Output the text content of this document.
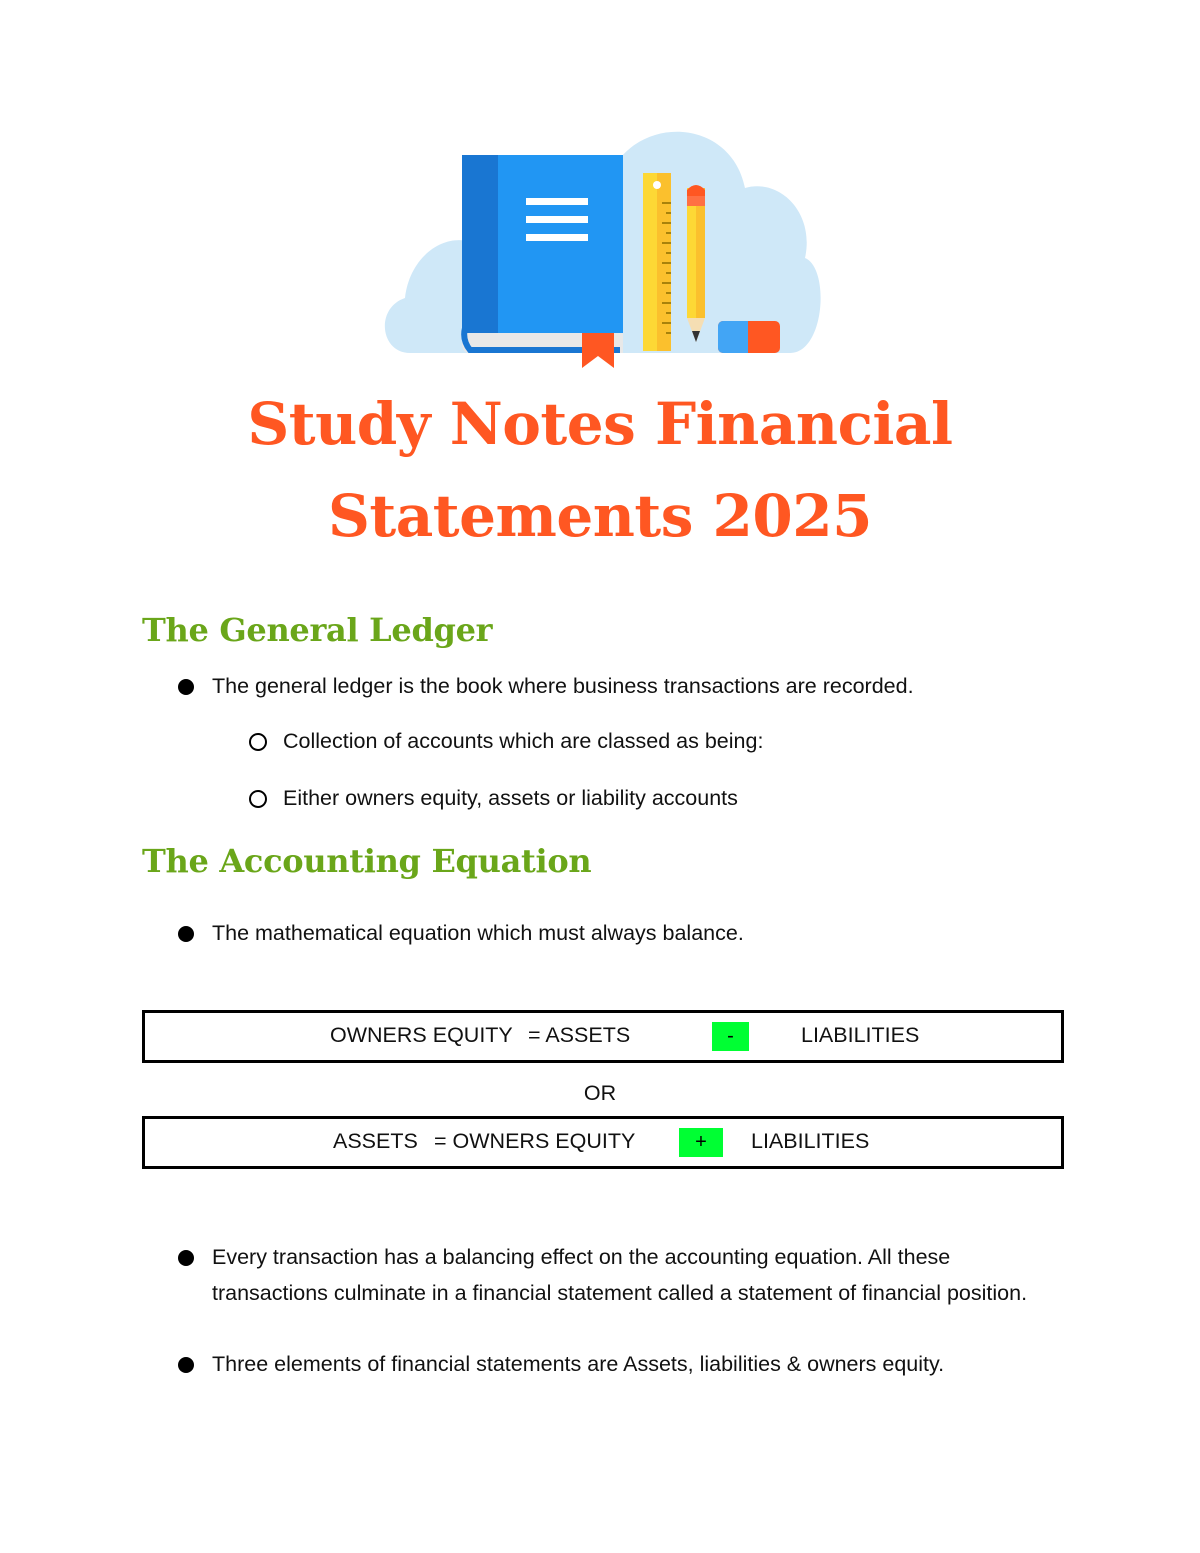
Study Notes Financial
Statements 2025
The General Ledger
The general ledger is the book where business transactions are recorded.
Collection of accounts which are classed as being:
Either owners equity, assets or liability accounts
The Accounting Equation
The mathematical equation which must always balance.
OWNERS EQUITY = ASSETS	-	LIABILITIES
OR
ASSETS = OWNERS EQUITY	+	LIABILITIES
Every transaction has a balancing effect on the accounting equation. All these transactions culminate in a financial statement called a statement of financial position.
Three elements of financial statements are Assets, liabilities & owners equity.
